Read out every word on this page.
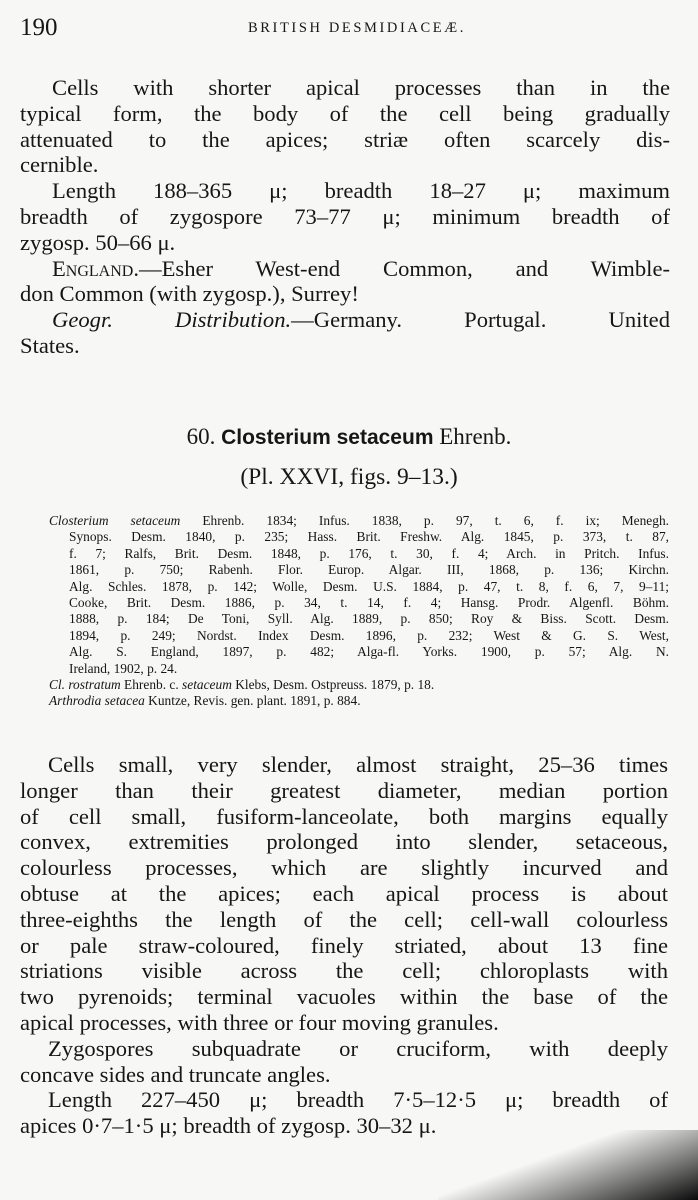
190	BRITISH DESMIDIACEÆ.
Cells with shorter apical processes than in the
typical form, the body of the cell being gradually
attenuated to the apices; striæ often scarcely dis-
cernible.
Length 188–365 μ; breadth 18–27 μ; maximum
breadth of zygospore 73–77 μ; minimum breadth of
zygosp. 50–66 μ.
England.—Esher West-end Common, and Wimble-
don Common (with zygosp.), Surrey!
Geogr. Distribution.—Germany. Portugal. United
States.
60. Closterium setaceum Ehrenb.
(Pl. XXVI, figs. 9–13.)
Closterium setaceum Ehrenb. 1834; Infus. 1838, p. 97, t. 6, f. ix; Menegh.
Synops. Desm. 1840, p. 235; Hass. Brit. Freshw. Alg. 1845, p. 373, t. 87,
f. 7; Ralfs, Brit. Desm. 1848, p. 176, t. 30, f. 4; Arch. in Pritch. Infus.
1861, p. 750; Rabenh. Flor. Europ. Algar. III, 1868, p. 136; Kirchn.
Alg. Schles. 1878, p. 142; Wolle, Desm. U.S. 1884, p. 47, t. 8, f. 6, 7, 9–11;
Cooke, Brit. Desm. 1886, p. 34, t. 14, f. 4; Hansg. Prodr. Algenfl. Böhm.
1888, p. 184; De Toni, Syll. Alg. 1889, p. 850; Roy & Biss. Scott. Desm.
1894, p. 249; Nordst. Index Desm. 1896, p. 232; West & G. S. West,
Alg. S. England, 1897, p. 482; Alga-fl. Yorks. 1900, p. 57; Alg. N.
Ireland, 1902, p. 24.
Cl. rostratum Ehrenb. c. setaceum Klebs, Desm. Ostpreuss. 1879, p. 18.
Arthrodia setacea Kuntze, Revis. gen. plant. 1891, p. 884.
Cells small, very slender, almost straight, 25–36 times
longer than their greatest diameter, median portion
of cell small, fusiform-lanceolate, both margins equally
convex, extremities prolonged into slender, setaceous,
colourless processes, which are slightly incurved and
obtuse at the apices; each apical process is about
three-eighths the length of the cell; cell-wall colourless
or pale straw-coloured, finely striated, about 13 fine
striations visible across the cell; chloroplasts with
two pyrenoids; terminal vacuoles within the base of the
apical processes, with three or four moving granules.
Zygospores subquadrate or cruciform, with deeply
concave sides and truncate angles.
Length 227–450 μ; breadth 7·5–12·5 μ; breadth of
apices 0·7–1·5 μ; breadth of zygosp. 30–32 μ.
